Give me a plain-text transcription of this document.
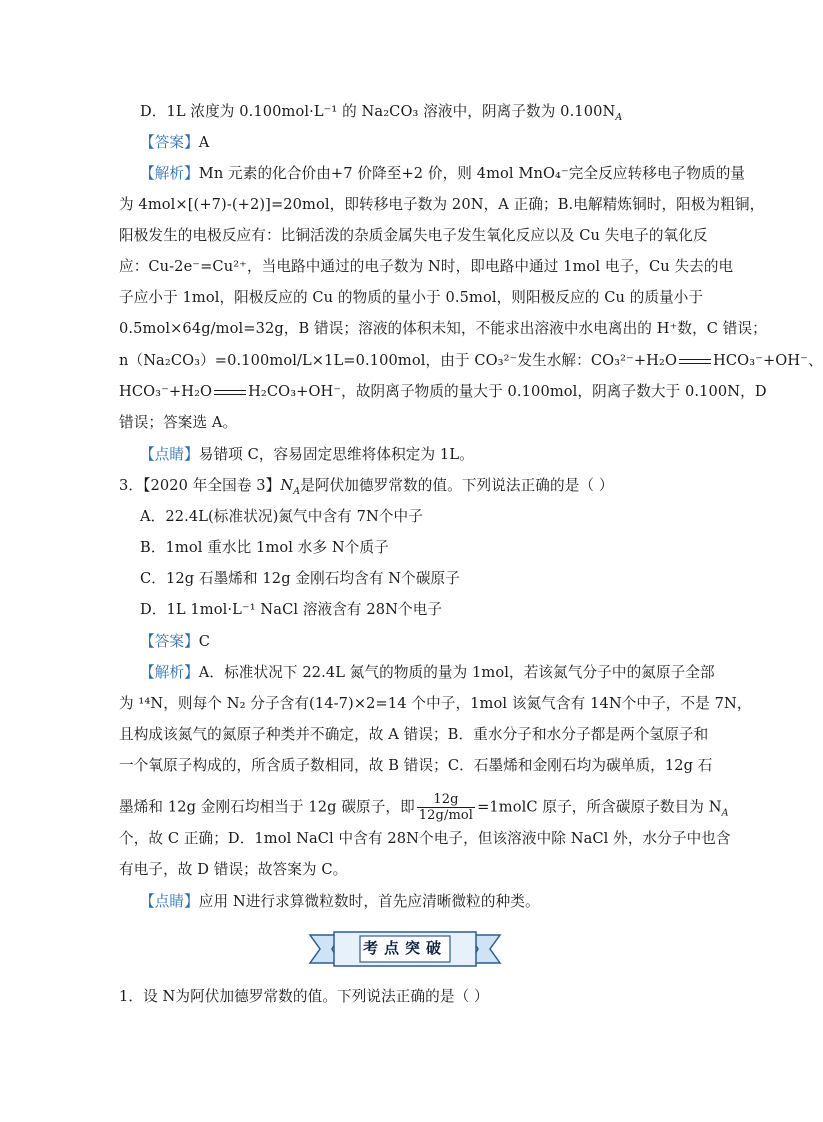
D．1L 浓度为 0.100mol·L⁻¹ 的 Na₂CO₃ 溶液中，阴离子数为 $0.100N_A$
【答案】A
【解析】Mn 元素的化合价由+7 价降至+2 价，则 4mol MnO₄⁻完全反应转移电子物质的量
为 4mol×[(+7)-(+2)]=20mol，即转移电子数为 20N，A 正确；B.电解精炼铜时，阳极为粗铜，
阳极发生的电极反应有：比铜活泼的杂质金属失电子发生氧化反应以及 Cu 失电子的氧化反
应：Cu-2e⁻=Cu²⁺，当电路中通过的电子数为 N时，即电路中通过 1mol 电子，Cu 失去的电
子应小于 1mol，阳极反应的 Cu 的物质的量小于 0.5mol，则阳极反应的 Cu 的质量小于
0.5mol×64g/mol=32g，B 错误；溶液的体积未知，不能求出溶液中水电离出的 H⁺数，C 错误；
n（Na₂CO₃）=0.100mol/L×1L=0.100mol，由于 CO₃²⁻发生水解：CO₃²⁻+H₂O HCO₃⁻+OH⁻、
HCO₃⁻+H₂O H₂CO₃+OH⁻，故阴离子物质的量大于 0.100mol，阴离子数大于 0.100N，D
错误；答案选 A。
【点睛】易错项 C，容易固定思维将体积定为 1L。
3．【2020 年全国卷 3】$N_A$是阿伏加德罗常数的值。下列说法正确的是（ ）
A．22.4L(标准状况)氮气中含有 7N个中子
B．1mol 重水比 1mol 水多 N个质子
C．12g 石墨烯和 12g 金刚石均含有 N个碳原子
D．1L 1mol·L⁻¹ NaCl 溶液含有 28N个电子
【答案】C
【解析】A．标准状况下 22.4L 氮气的物质的量为 1mol，若该氮气分子中的氮原子全部
为 ¹⁴N，则每个 N₂ 分子含有(14-7)×2=14 个中子，1mol 该氮气含有 14N个中子，不是 7N，
且构成该氮气的氮原子种类并不确定，故 A 错误；B．重水分子和水分子都是两个氢原子和
一个氧原子构成的，所含质子数相同，故 B 错误；C．石墨烯和金刚石均为碳单质，12g 石
墨烯和 12g 金刚石均相当于 12g 碳原子，即 $\frac{12g}{\text{12g/mol}}$ =1molC 原子，所含碳原子数目为 $N_A$
个，故 C 正确；D．1mol NaCl 中含有 28N个电子，但该溶液中除 NaCl 外，水分子中也含
有电子，故 D 错误；故答案为 C。
【点睛】应用 N进行求算微粒数时，首先应清晰微粒的种类。
考点突破
1．设 N为阿伏加德罗常数的值。下列说法正确的是（ ）
